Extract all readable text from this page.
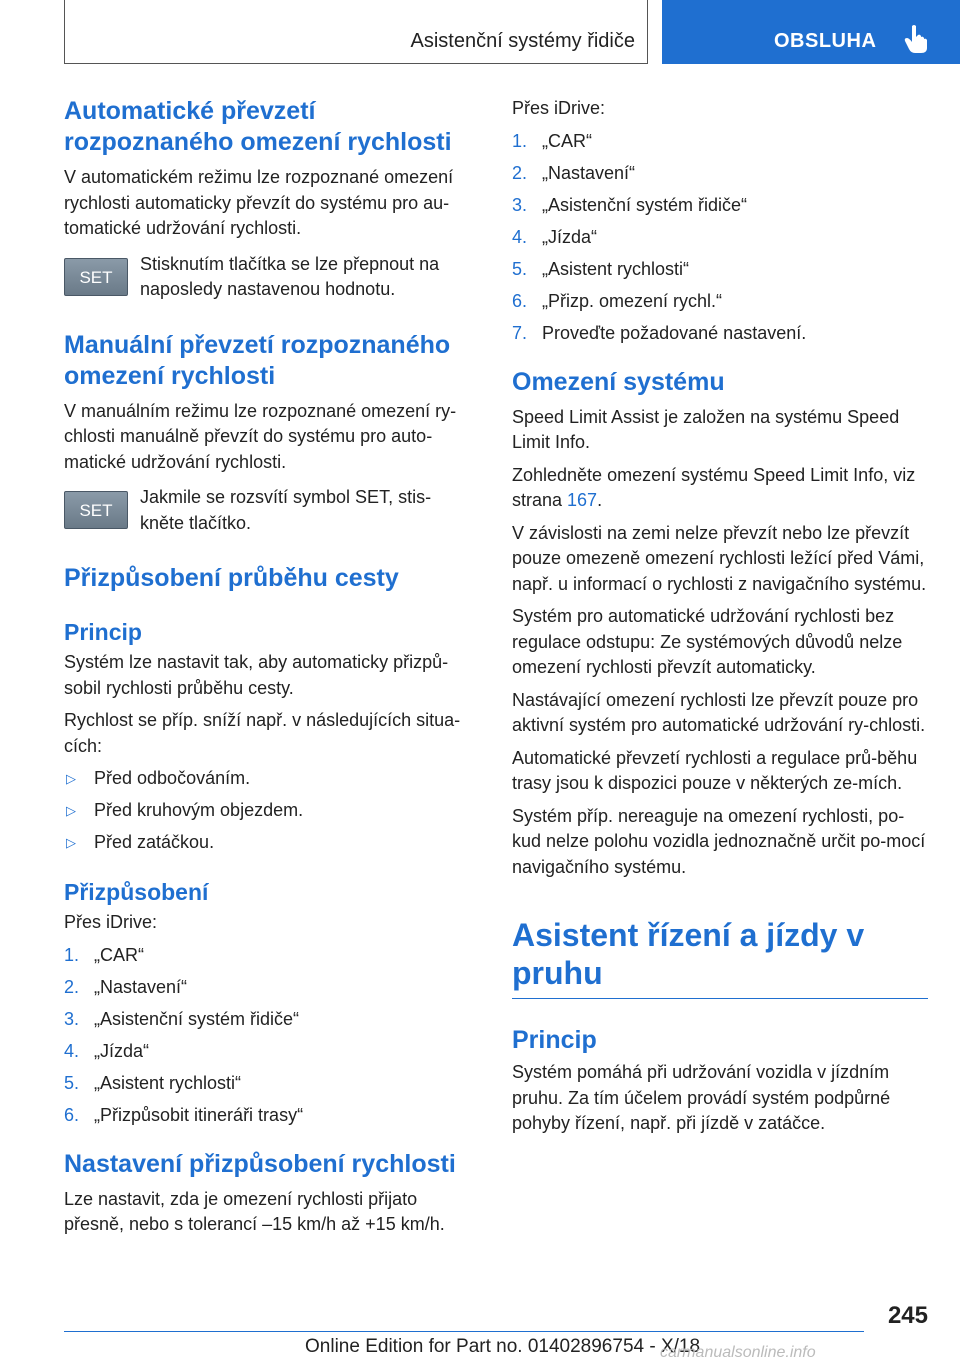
Asistenční systémy řidiče	OBSLUHA
Automatické převzetí rozpoznaného omezení rychlosti

V automatickém režimu lze rozpoznané omezení rychlosti automaticky převzít do systému pro au-tomatické udržování rychlosti.

SET

Stisknutím tlačítka se lze přepnout na naposledy nastavenou hodnotu.

Manuální převzetí rozpoznaného omezení rychlosti

V manuálním režimu lze rozpoznané omezení ry-chlosti manuálně převzít do systému pro auto-matické udržování rychlosti.

SET

Jakmile se rozsvítí symbol SET, stis-kněte tlačítko.

Přizpůsobení průběhu cesty
Princip

Systém lze nastavit tak, aby automaticky přizpů-sobil rychlosti průběhu cesty.

Rychlost se příp. sníží např. v následujících situa-cích:

▷ Před odbočováním.
▷ Před kruhovým objezdem.
▷ Před zatáčkou.
Přizpůsobení

Přes iDrive:

1. „CAR“
2. „Nastavení“
3. „Asistenční systém řidiče“
4. „Jízda“
5. „Asistent rychlosti“
6. „Přizpůsobit itineráři trasy“
Nastavení přizpůsobení rychlosti

Lze nastavit, zda je omezení rychlosti přijato přesně, nebo s tolerancí –15 km/h až +15 km/h.

Přes iDrive:

1. „CAR“
2. „Nastavení“
3. „Asistenční systém řidiče“
4. „Jízda“
5. „Asistent rychlosti“
6. „Přizp. omezení rychl.“
7. Proveďte požadované nastavení.
Omezení systému

Speed Limit Assist je založen na systému Speed Limit Info.

Zohledněte omezení systému Speed Limit Info, viz strana 167.

V závislosti na zemi nelze převzít nebo lze převzít pouze omezeně omezení rychlosti ležící před Vámi, např. u informací o rychlosti z navigačního systému.

Systém pro automatické udržování rychlosti bez regulace odstupu: Ze systémových důvodů nelze omezení rychlosti převzít automaticky.

Nastávající omezení rychlosti lze převzít pouze pro aktivní systém pro automatické udržování ry-chlosti.

Automatické převzetí rychlosti a regulace prů-běhu trasy jsou k dispozici pouze v některých ze-mích.

Systém příp. nereaguje na omezení rychlosti, po-kud nelze polohu vozidla jednoznačně určit po-mocí navigačního systému.

Asistent řízení a jízdy v pruhu
Princip

Systém pomáhá při udržování vozidla v jízdním pruhu. Za tím účelem provádí systém podpůrné pohyby řízení, např. při jízdě v zatáčce.

245
Online Edition for Part no. 01402896754 - X/18
carmanualsonline.info
